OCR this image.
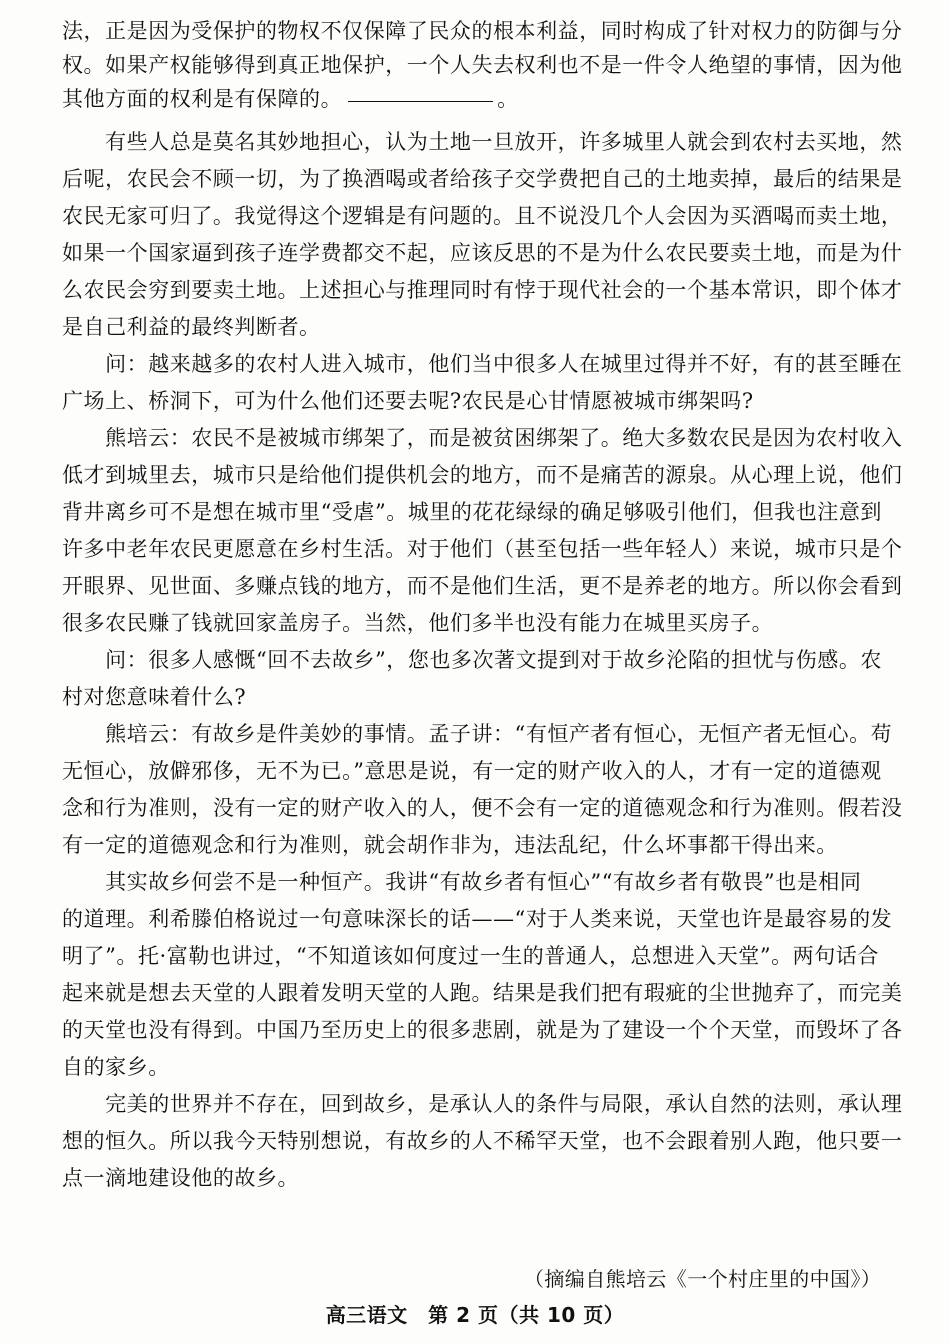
法，正是因为受保护的物权不仅保障了民众的根本利益，同时构成了针对权力的防御与分
权。如果产权能够得到真正地保护，一个人失去权利也不是一件令人绝望的事情，因为他
其他方面的权利是有保障的。	。
　　有些人总是莫名其妙地担心，认为土地一旦放开，许多城里人就会到农村去买地，然
后呢，农民会不顾一切，为了换酒喝或者给孩子交学费把自己的土地卖掉，最后的结果是
农民无家可归了。我觉得这个逻辑是有问题的。且不说没几个人会因为买酒喝而卖土地，
如果一个国家逼到孩子连学费都交不起，应该反思的不是为什么农民要卖土地，而是为什
么农民会穷到要卖土地。上述担心与推理同时有悖于现代社会的一个基本常识，即个体才
是自己利益的最终判断者。
　　问：越来越多的农村人进入城市，他们当中很多人在城里过得并不好，有的甚至睡在
广场上、桥洞下，可为什么他们还要去呢?农民是心甘情愿被城市绑架吗?
　　熊培云：农民不是被城市绑架了，而是被贫困绑架了。绝大多数农民是因为农村收入
低才到城里去，城市只是给他们提供机会的地方，而不是痛苦的源泉。从心理上说，他们
背井离乡可不是想在城市里“受虐”。城里的花花绿绿的确足够吸引他们，但我也注意到
许多中老年农民更愿意在乡村生活。对于他们（甚至包括一些年轻人）来说，城市只是个
开眼界、见世面、多赚点钱的地方，而不是他们生活，更不是养老的地方。所以你会看到
很多农民赚了钱就回家盖房子。当然，他们多半也没有能力在城里买房子。
　　问：很多人感慨“回不去故乡”，您也多次著文提到对于故乡沦陷的担忧与伤感。农
村对您意味着什么?
　　熊培云：有故乡是件美妙的事情。孟子讲：“有恒产者有恒心，无恒产者无恒心。苟
无恒心，放僻邪侈，无不为已。”意思是说，有一定的财产收入的人，才有一定的道德观
念和行为准则，没有一定的财产收入的人，便不会有一定的道德观念和行为准则。假若没
有一定的道德观念和行为准则，就会胡作非为，违法乱纪，什么坏事都干得出来。
　　其实故乡何尝不是一种恒产。我讲“有故乡者有恒心”“有故乡者有敬畏”也是相同
的道理。利希滕伯格说过一句意味深长的话——“对于人类来说，天堂也许是最容易的发
明了”。托·富勒也讲过，“不知道该如何度过一生的普通人，总想进入天堂”。两句话合
起来就是想去天堂的人跟着发明天堂的人跑。结果是我们把有瑕疵的尘世抛弃了，而完美
的天堂也没有得到。中国乃至历史上的很多悲剧，就是为了建设一个个天堂，而毁坏了各
自的家乡。
　　完美的世界并不存在，回到故乡，是承认人的条件与局限，承认自然的法则，承认理
想的恒久。所以我今天特别想说，有故乡的人不稀罕天堂，也不会跟着别人跑，他只要一
点一滴地建设他的故乡。
（摘编自熊培云《一个村庄里的中国》）
高三语文　第 2 页（共 10 页）
